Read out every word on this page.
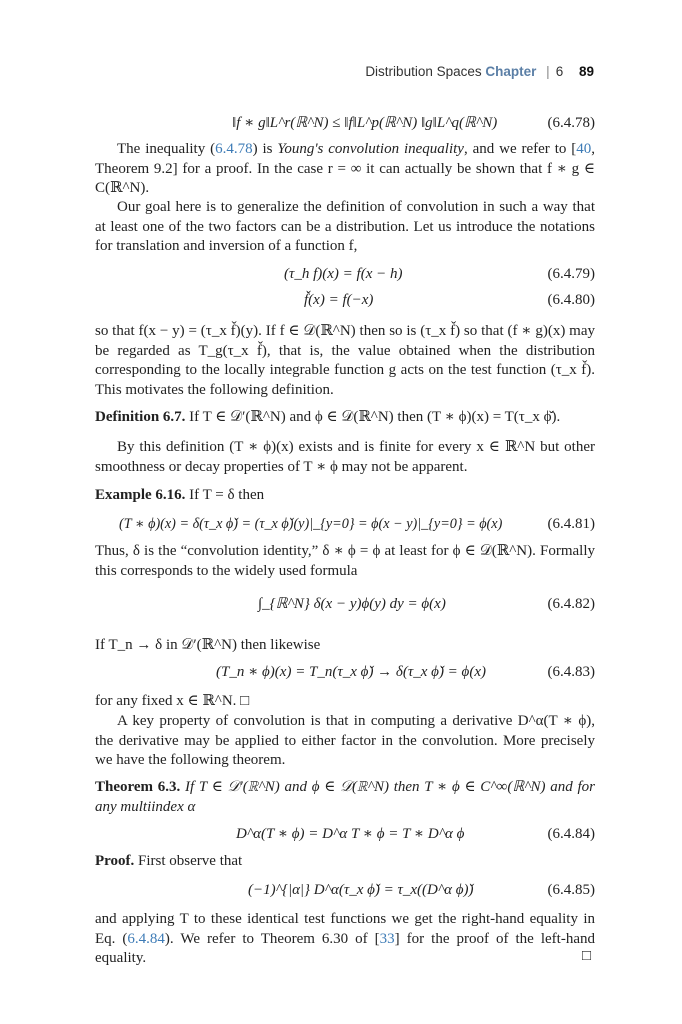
Distribution Spaces Chapter | 6 89
‖f ∗ g‖L^r(ℝ^N) ≤ ‖f‖L^p(ℝ^N) ‖g‖L^q(ℝ^N)	(6.4.78)
The inequality (6.4.78) is Young's convolution inequality, and we refer to [40, Theorem 9.2] for a proof. In the case r = ∞ it can actually be shown that f ∗ g ∈ C(ℝ^N).
Our goal here is to generalize the definition of convolution in such a way that at least one of the two factors can be a distribution. Let us introduce the notations for translation and inversion of a function f,
(τ_h f)(x) = f(x − h)	(6.4.79)
f̌(x) = f(−x)	(6.4.80)
so that f(x − y) = (τ_x f̌)(y). If f ∈ 𝒟(ℝ^N) then so is (τ_x f̌) so that (f ∗ g)(x) may be regarded as T_g(τ_x f̌), that is, the value obtained when the distribution corresponding to the locally integrable function g acts on the test function (τ_x f̌). This motivates the following definition.
Definition 6.7. If T ∈ 𝒟′(ℝ^N) and ϕ ∈ 𝒟(ℝ^N) then (T ∗ ϕ)(x) = T(τ_x ϕ̌).
By this definition (T ∗ ϕ)(x) exists and is finite for every x ∈ ℝ^N but other smoothness or decay properties of T ∗ ϕ may not be apparent.
Example 6.16. If T = δ then
(T ∗ ϕ)(x) = δ(τ_x ϕ̌) = (τ_x ϕ̌)(y)|_{y=0} = ϕ(x − y)|_{y=0} = ϕ(x)	(6.4.81)
Thus, δ is the “convolution identity,” δ ∗ ϕ = ϕ at least for ϕ ∈ 𝒟(ℝ^N). Formally this corresponds to the widely used formula
∫_{ℝ^N} δ(x − y)ϕ(y) dy = ϕ(x)	(6.4.82)
If T_n → δ in 𝒟′(ℝ^N) then likewise
(T_n ∗ ϕ)(x) = T_n(τ_x ϕ̌) → δ(τ_x ϕ̌) = ϕ(x)	(6.4.83)
for any fixed x ∈ ℝ^N. □
A key property of convolution is that in computing a derivative D^α(T ∗ ϕ), the derivative may be applied to either factor in the convolution. More precisely we have the following theorem.
Theorem 6.3. If T ∈ 𝒟′(ℝ^N) and ϕ ∈ 𝒟(ℝ^N) then T ∗ ϕ ∈ C^∞(ℝ^N) and for any multiindex α
D^α(T ∗ ϕ) = D^α T ∗ ϕ = T ∗ D^α ϕ	(6.4.84)
Proof. First observe that
(−1)^{|α|} D^α(τ_x ϕ̌) = τ_x((D^α ϕ)̌)	(6.4.85)
and applying T to these identical test functions we get the right-hand equality in Eq. (6.4.84). We refer to Theorem 6.30 of [33] for the proof of the left-hand equality.	□
